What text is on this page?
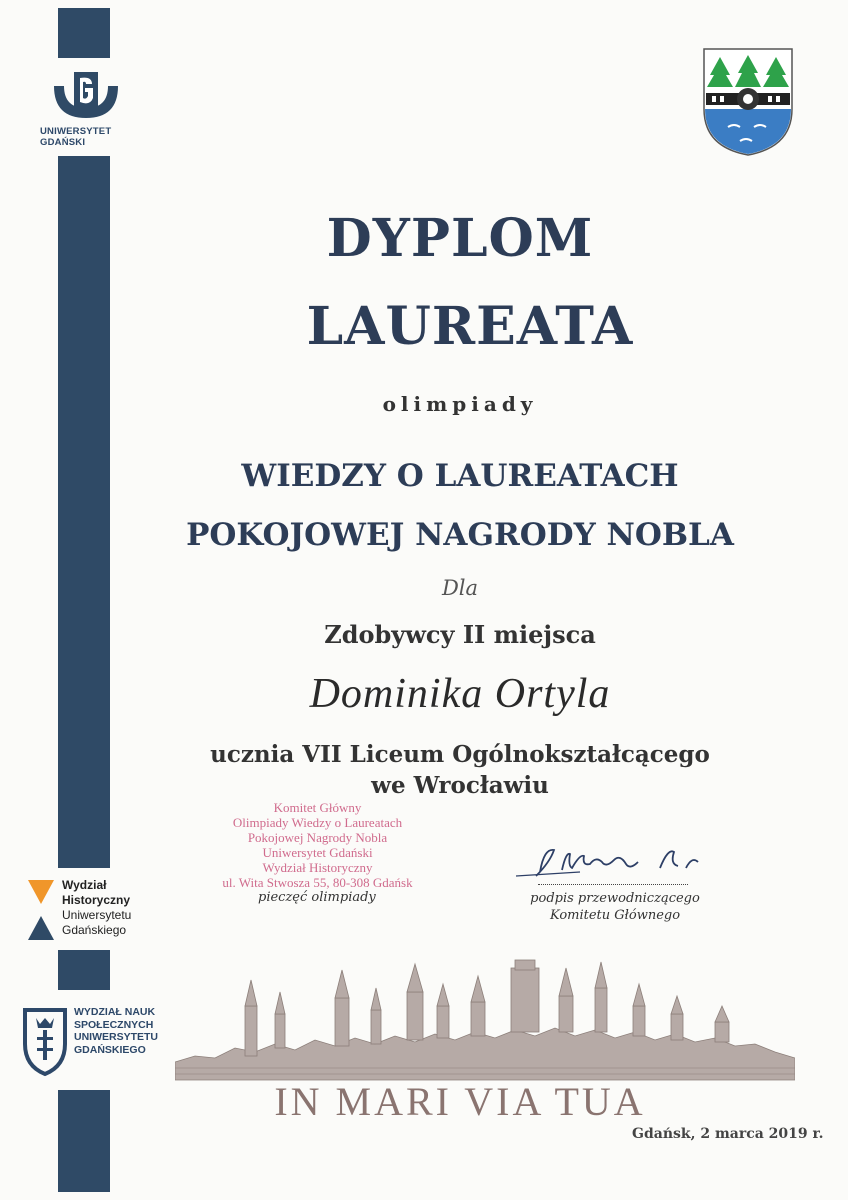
UNIWERSYTET GDAŃSKI
DYPLOM
LAUREATA
olimpiady
WIEDZY O LAUREATACH
POKOJOWEJ NAGRODY NOBLA
Dla
Zdobywcy II miejsca
Dominika Ortyla
ucznia VII Liceum Ogólnokształcącego
we Wrocławiu
Komitet Główny
Olimpiady Wiedzy o Laureatach
Pokojowej Nagrody Nobla
Uniwersytet Gdański
Wydział Historyczny
ul. Wita Stwosza 55, 80-308 Gdańsk
pieczęć olimpiady	podpis przewodniczącego
Komitetu Głównego
Wydział
Historyczny
Uniwersytetu
Gdańskiego
WYDZIAŁ NAUK
SPOŁECZNYCH
UNIWERSYTETU
GDAŃSKIEGO
IN MARI VIA TUA
Gdańsk, 2 marca 2019 r.
